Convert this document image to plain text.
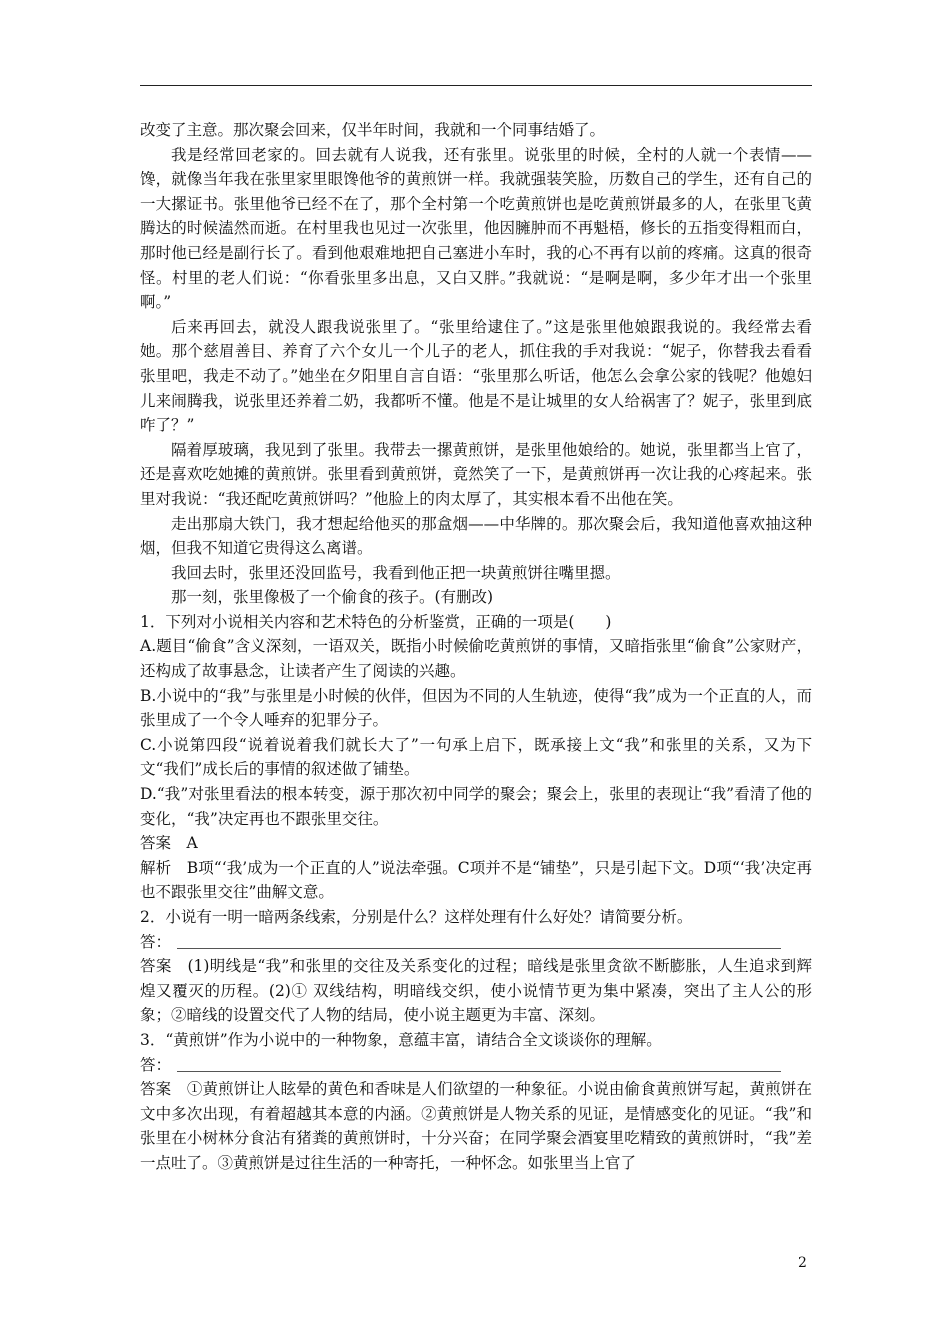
改变了主意。那次聚会回来，仅半年时间，我就和一个同事结婚了。

我是经常回老家的。回去就有人说我，还有张里。说张里的时候，全村的人就一个表情——馋，就像当年我在张里家里眼馋他爷的黄煎饼一样。我就强装笑脸，历数自己的学生，还有自己的一大摞证书。张里他爷已经不在了，那个全村第一个吃黄煎饼也是吃黄煎饼最多的人，在张里飞黄腾达的时候溘然而逝。在村里我也见过一次张里，他因臃肿而不再魁梧，修长的五指变得粗而白，那时他已经是副行长了。看到他艰难地把自己塞进小车时，我的心不再有以前的疼痛。这真的很奇怪。村里的老人们说：“你看张里多出息，又白又胖。”我就说：“是啊是啊，多少年才出一个张里啊。”

后来再回去，就没人跟我说张里了。“张里给逮住了。”这是张里他娘跟我说的。我经常去看她。那个慈眉善目、养育了六个女儿一个儿子的老人，抓住我的手对我说：“妮子，你替我去看看张里吧，我走不动了。”她坐在夕阳里自言自语：“张里那么听话，他怎么会拿公家的钱呢？他媳妇儿来闹腾我，说张里还养着二奶，我都听不懂。他是不是让城里的女人给祸害了？妮子，张里到底咋了？”

隔着厚玻璃，我见到了张里。我带去一摞黄煎饼，是张里他娘给的。她说，张里都当上官了，还是喜欢吃她摊的黄煎饼。张里看到黄煎饼，竟然笑了一下，是黄煎饼再一次让我的心疼起来。张里对我说：“我还配吃黄煎饼吗？”他脸上的肉太厚了，其实根本看不出他在笑。

走出那扇大铁门，我才想起给他买的那盒烟——中华牌的。那次聚会后，我知道他喜欢抽这种烟，但我不知道它贵得这么离谱。

我回去时，张里还没回监号，我看到他正把一块黄煎饼往嘴里摁。

那一刻，张里像极了一个偷食的孩子。(有删改)

1．下列对小说相关内容和艺术特色的分析鉴赏，正确的一项是(　　)

A.题目“偷食”含义深刻，一语双关，既指小时候偷吃黄煎饼的事情，又暗指张里“偷食”公家财产，还构成了故事悬念，让读者产生了阅读的兴趣。

B.小说中的“我”与张里是小时候的伙伴，但因为不同的人生轨迹，使得“我”成为一个正直的人，而张里成了一个令人唾弃的犯罪分子。

C.小说第四段“说着说着我们就长大了”一句承上启下，既承接上文“我”和张里的关系，又为下文“我们”成长后的事情的叙述做了铺垫。

D.“我”对张里看法的根本转变，源于那次初中同学的聚会；聚会上，张里的表现让“我”看清了他的变化，“我”决定再也不跟张里交往。

答案　A

解析　B项“‘我’成为一个正直的人”说法牵强。C项并不是“铺垫”，只是引起下文。D项“‘我’决定再也不跟张里交往”曲解文意。

2．小说有一明一暗两条线索，分别是什么？这样处理有什么好处？请简要分析。

答：

答案　(1)明线是“我”和张里的交往及关系变化的过程；暗线是张里贪欲不断膨胀，人生追求到辉煌又覆灭的历程。(2)① 双线结构，明暗线交织，使小说情节更为集中紧凑，突出了主人公的形象；②暗线的设置交代了人物的结局，使小说主题更为丰富、深刻。

3．“黄煎饼”作为小说中的一种物象，意蕴丰富，请结合全文谈谈你的理解。

答：

答案　①黄煎饼让人眩晕的黄色和香味是人们欲望的一种象征。小说由偷食黄煎饼写起，黄煎饼在文中多次出现，有着超越其本意的内涵。②黄煎饼是人物关系的见证，是情感变化的见证。“我”和张里在小树林分食沾有猪粪的黄煎饼时，十分兴奋；在同学聚会酒宴里吃精致的黄煎饼时，“我”差一点吐了。③黄煎饼是过往生活的一种寄托，一种怀念。如张里当上官了

2
